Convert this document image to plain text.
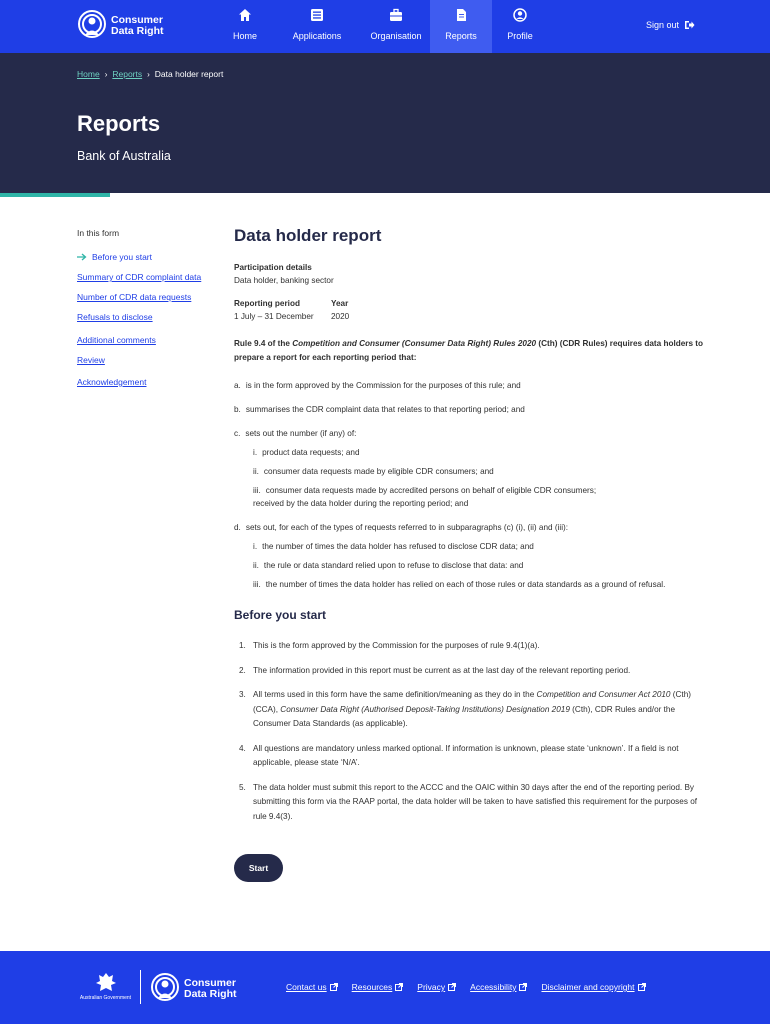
Consumer
Data Right	Home	Applications	Organisation	Reports	Profile
Sign out
Home › Reports › Data holder report
Reports
Bank of Australia
In this form
Before you start
Summary of CDR complaint data
Number of CDR data requests
Refusals to disclose
Additional comments
Review
Acknowledgement
Data holder report
Participation details
Data holder, banking sector
Reporting period
1 July – 31 December
Year
2020
Rule 9.4 of the Competition and Consumer (Consumer Data Right) Rules 2020 (Cth) (CDR Rules) requires data holders to prepare a report for each reporting period that:
a. is in the form approved by the Commission for the purposes of this rule; and
b. summarises the CDR complaint data that relates to that reporting period; and
c. sets out the number (if any) of:
i. product data requests; and
ii. consumer data requests made by eligible CDR consumers; and
iii. consumer data requests made by accredited persons on behalf of eligible CDR consumers;
received by the data holder during the reporting period; and
d. sets out, for each of the types of requests referred to in subparagraphs (c) (i), (ii) and (iii):
i. the number of times the data holder has refused to disclose CDR data; and
ii. the rule or data standard relied upon to refuse to disclose that data: and
iii. the number of times the data holder has relied on each of those rules or data standards as a ground of refusal.
Before you start
1. This is the form approved by the Commission for the purposes of rule 9.4(1)(a).
2. The information provided in this report must be current as at the last day of the relevant reporting period.
3. All terms used in this form have the same definition/meaning as they do in the Competition and Consumer Act 2010 (Cth) (CCA), Consumer Data Right (Authorised Deposit-Taking Institutions) Designation 2019 (Cth), CDR Rules and/or the Consumer Data Standards (as applicable).
4. All questions are mandatory unless marked optional. If information is unknown, please state ‘unknown’. If a field is not applicable, please state ‘N/A’.
5. The data holder must submit this report to the ACCC and the OAIC within 30 days after the end of the reporting period. By submitting this form via the RAAP portal, the data holder will be taken to have satisfied this requirement for the purposes of rule 9.4(3).
Start
Australian Government
Consumer
Data Right
Contact us	Resources	Privacy	Accessibility	Disclaimer and copyright
